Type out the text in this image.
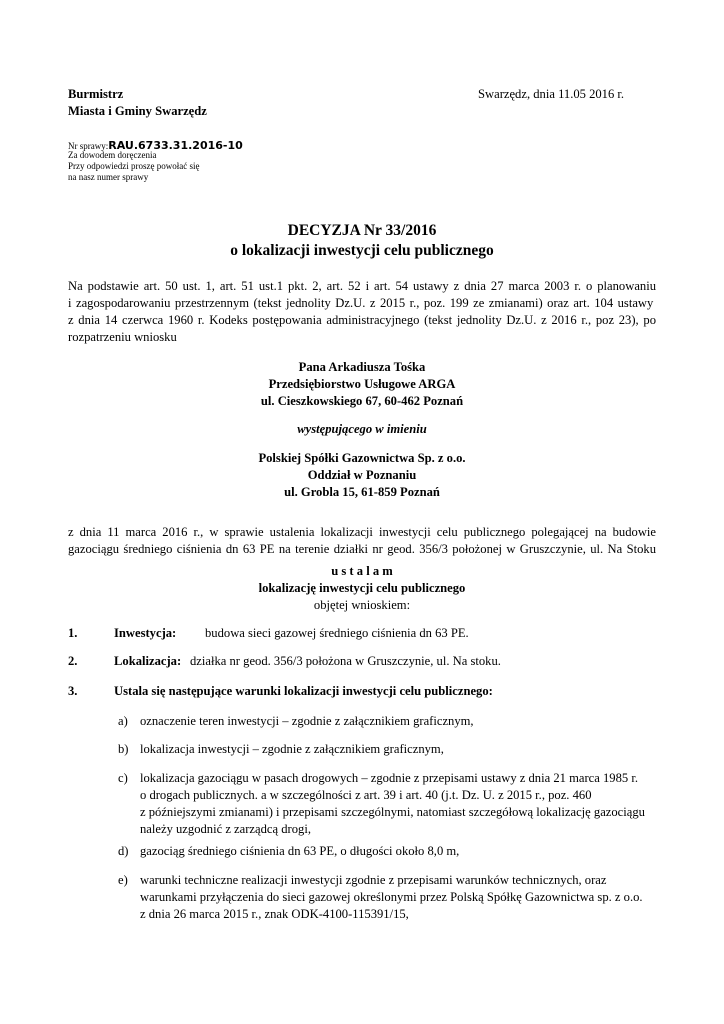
Burmistrz
Miasta i Gminy Swarzędz
Swarzędz, dnia 11.05 2016 r.
Nr sprawy:RAU.6733.31.2016-10
Za dowodem doręczenia
Przy odpowiedzi proszę powołać się
na nasz numer sprawy
DECYZJA Nr 33/2016
o lokalizacji inwestycji celu publicznego
Na podstawie art. 50 ust. 1, art. 51 ust.1 pkt. 2, art. 52 i art. 54 ustawy z dnia 27 marca 2003 r. o planowaniu
i zagospodarowaniu przestrzennym (tekst jednolity Dz.U. z 2015 r., poz. 199 ze zmianami) oraz art. 104 ustawy
z dnia 14 czerwca 1960 r. Kodeks postępowania administracyjnego (tekst jednolity Dz.U. z 2016 r., poz 23), po
rozpatrzeniu wniosku
Pana Arkadiusza Tośka
Przedsiębiorstwo Usługowe ARGA
ul. Cieszkowskiego 67, 60-462 Poznań
występującego w imieniu
Polskiej Spółki Gazownictwa Sp. z o.o.
Oddział w Poznaniu
ul. Grobla 15, 61-859 Poznań
z dnia 11 marca 2016 r., w sprawie ustalenia lokalizacji inwestycji celu publicznego polegającej na budowie
gazociągu średniego ciśnienia dn 63 PE na terenie działki nr geod. 356/3 położonej w Gruszczynie, ul. Na Stoku
u s t a l a m
lokalizację inwestycji celu publicznego
objętej wnioskiem:
1.	Inwestycja: budowa sieci gazowej średniego ciśnienia dn 63 PE.
2.	Lokalizacja: działka nr geod. 356/3 położona w Gruszczynie, ul. Na stoku.
3.	Ustala się następujące warunki lokalizacji inwestycji celu publicznego:
a) oznaczenie teren inwestycji – zgodnie z załącznikiem graficznym,
b) lokalizacja inwestycji – zgodnie z załącznikiem graficznym,
c) lokalizacja gazociągu w pasach drogowych – zgodnie z przepisami ustawy z dnia 21 marca 1985 r.
o drogach publicznych. a w szczególności z art. 39 i art. 40 (j.t. Dz. U. z 2015 r., poz. 460
z późniejszymi zmianami) i przepisami szczególnymi, natomiast szczegółową lokalizację gazociągu
należy uzgodnić z zarządcą drogi,
d) gazociąg średniego ciśnienia dn 63 PE, o długości około 8,0 m,
e) warunki techniczne realizacji inwestycji zgodnie z przepisami warunków technicznych, oraz
warunkami przyłączenia do sieci gazowej określonymi przez Polską Spółkę Gazownictwa sp. z o.o.
z dnia 26 marca 2015 r., znak ODK-4100-115391/15,
